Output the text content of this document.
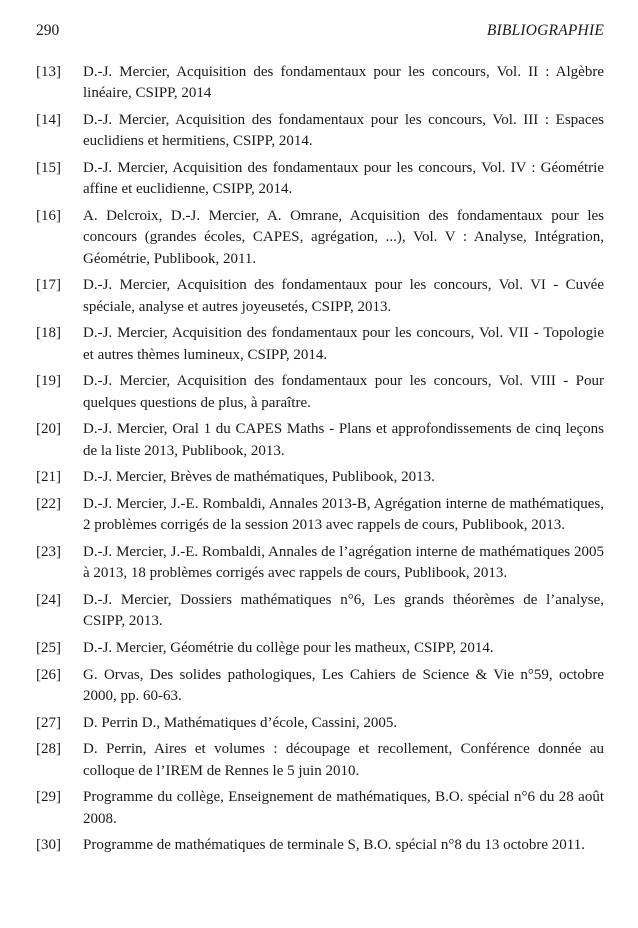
290	BIBLIOGRAPHIE
[13]	D.-J. Mercier, Acquisition des fondamentaux pour les concours, Vol. II : Algèbre linéaire, CSIPP, 2014
[14]	D.-J. Mercier, Acquisition des fondamentaux pour les concours, Vol. III : Espaces euclidiens et hermitiens, CSIPP, 2014.
[15]	D.-J. Mercier, Acquisition des fondamentaux pour les concours, Vol. IV : Géométrie affine et euclidienne, CSIPP, 2014.
[16]	A. Delcroix, D.-J. Mercier, A. Omrane, Acquisition des fondamentaux pour les concours (grandes écoles, CAPES, agrégation, ...), Vol. V : Analyse, Intégration, Géométrie, Publibook, 2011.
[17]	D.-J. Mercier, Acquisition des fondamentaux pour les concours, Vol. VI - Cuvée spéciale, analyse et autres joyeusetés, CSIPP, 2013.
[18]	D.-J. Mercier, Acquisition des fondamentaux pour les concours, Vol. VII - Topologie et autres thèmes lumineux, CSIPP, 2014.
[19]	D.-J. Mercier, Acquisition des fondamentaux pour les concours, Vol. VIII - Pour quelques questions de plus, à paraître.
[20]	D.-J. Mercier, Oral 1 du CAPES Maths - Plans et approfondissements de cinq leçons de la liste 2013, Publibook, 2013.
[21]	D.-J. Mercier, Brèves de mathématiques, Publibook, 2013.
[22]	D.-J. Mercier, J.-E. Rombaldi, Annales 2013-B, Agrégation interne de mathématiques, 2 problèmes corrigés de la session 2013 avec rappels de cours, Publibook, 2013.
[23]	D.-J. Mercier, J.-E. Rombaldi, Annales de l’agrégation interne de mathématiques 2005 à 2013, 18 problèmes corrigés avec rappels de cours, Publibook, 2013.
[24]	D.-J. Mercier, Dossiers mathématiques n°6, Les grands théorèmes de l’analyse, CSIPP, 2013.
[25]	D.-J. Mercier, Géométrie du collège pour les matheux, CSIPP, 2014.
[26]	G. Orvas, Des solides pathologiques, Les Cahiers de Science & Vie n°59, octobre 2000, pp. 60-63.
[27]	D. Perrin D., Mathématiques d’école, Cassini, 2005.
[28]	D. Perrin, Aires et volumes : découpage et recollement, Conférence donnée au colloque de l’IREM de Rennes le 5 juin 2010.
[29]	Programme du collège, Enseignement de mathématiques, B.O. spécial n°6 du 28 août 2008.
[30]	Programme de mathématiques de terminale S, B.O. spécial n°8 du 13 octobre 2011.
